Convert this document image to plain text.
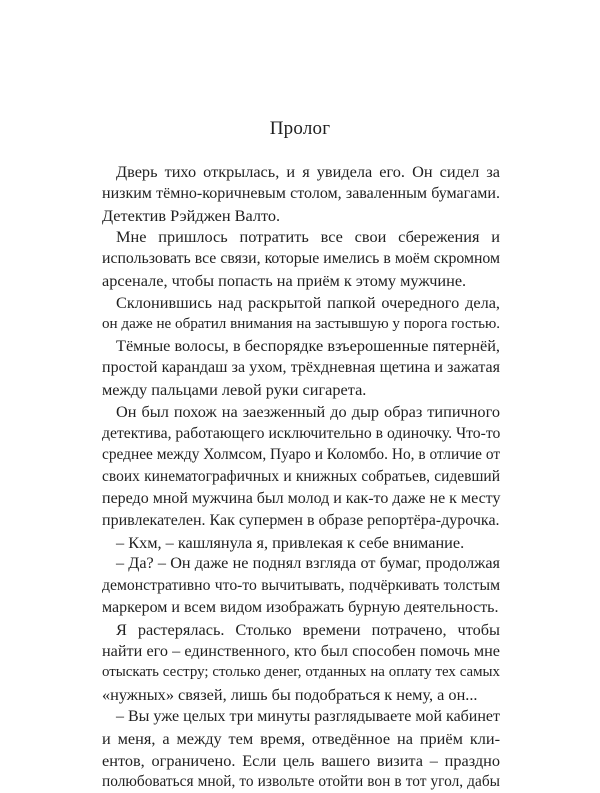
Пролог
Дверь тихо открылась, и я увидела его. Он сидел за
низким тёмно-коричневым столом, заваленным бумагами.
Детектив Рэйджен Валто.
Мне пришлось потратить все свои сбережения и
использовать все связи, которые имелись в моём скромном
арсенале, чтобы попасть на приём к этому мужчине.
Склонившись над раскрытой папкой очередного дела,
он даже не обратил внимания на застывшую у порога гостью.
Тёмные волосы, в беспорядке взъерошенные пятернёй,
простой карандаш за ухом, трёхдневная щетина и зажатая
между пальцами левой руки сигарета.
Он был похож на заезженный до дыр образ типичного
детектива, работающего исключительно в одиночку. Что-то
среднее между Холмсом, Пуаро и Коломбо. Но, в отличие от
своих кинематографичных и книжных собратьев, сидевший
передо мной мужчина был молод и как-то даже не к месту
привлекателен. Как супермен в образе репортёра-дурочка.
– Кхм, – кашлянула я, привлекая к себе внимание.
– Да? – Он даже не поднял взгляда от бумаг, продолжая
демонстративно что-то вычитывать, подчёркивать толстым
маркером и всем видом изображать бурную деятельность.
Я растерялась. Столько времени потрачено, чтобы
найти его – единственного, кто был способен помочь мне
отыскать сестру; столько денег, отданных на оплату тех самых
«нужных» связей, лишь бы подобраться к нему, а он...
– Вы уже целых три минуты разглядываете мой кабинет
и меня, а между тем время, отведённое на приём кли-
ентов, ограничено. Если цель вашего визита – праздно
полюбоваться мной, то извольте отойти вон в тот угол, дабы
